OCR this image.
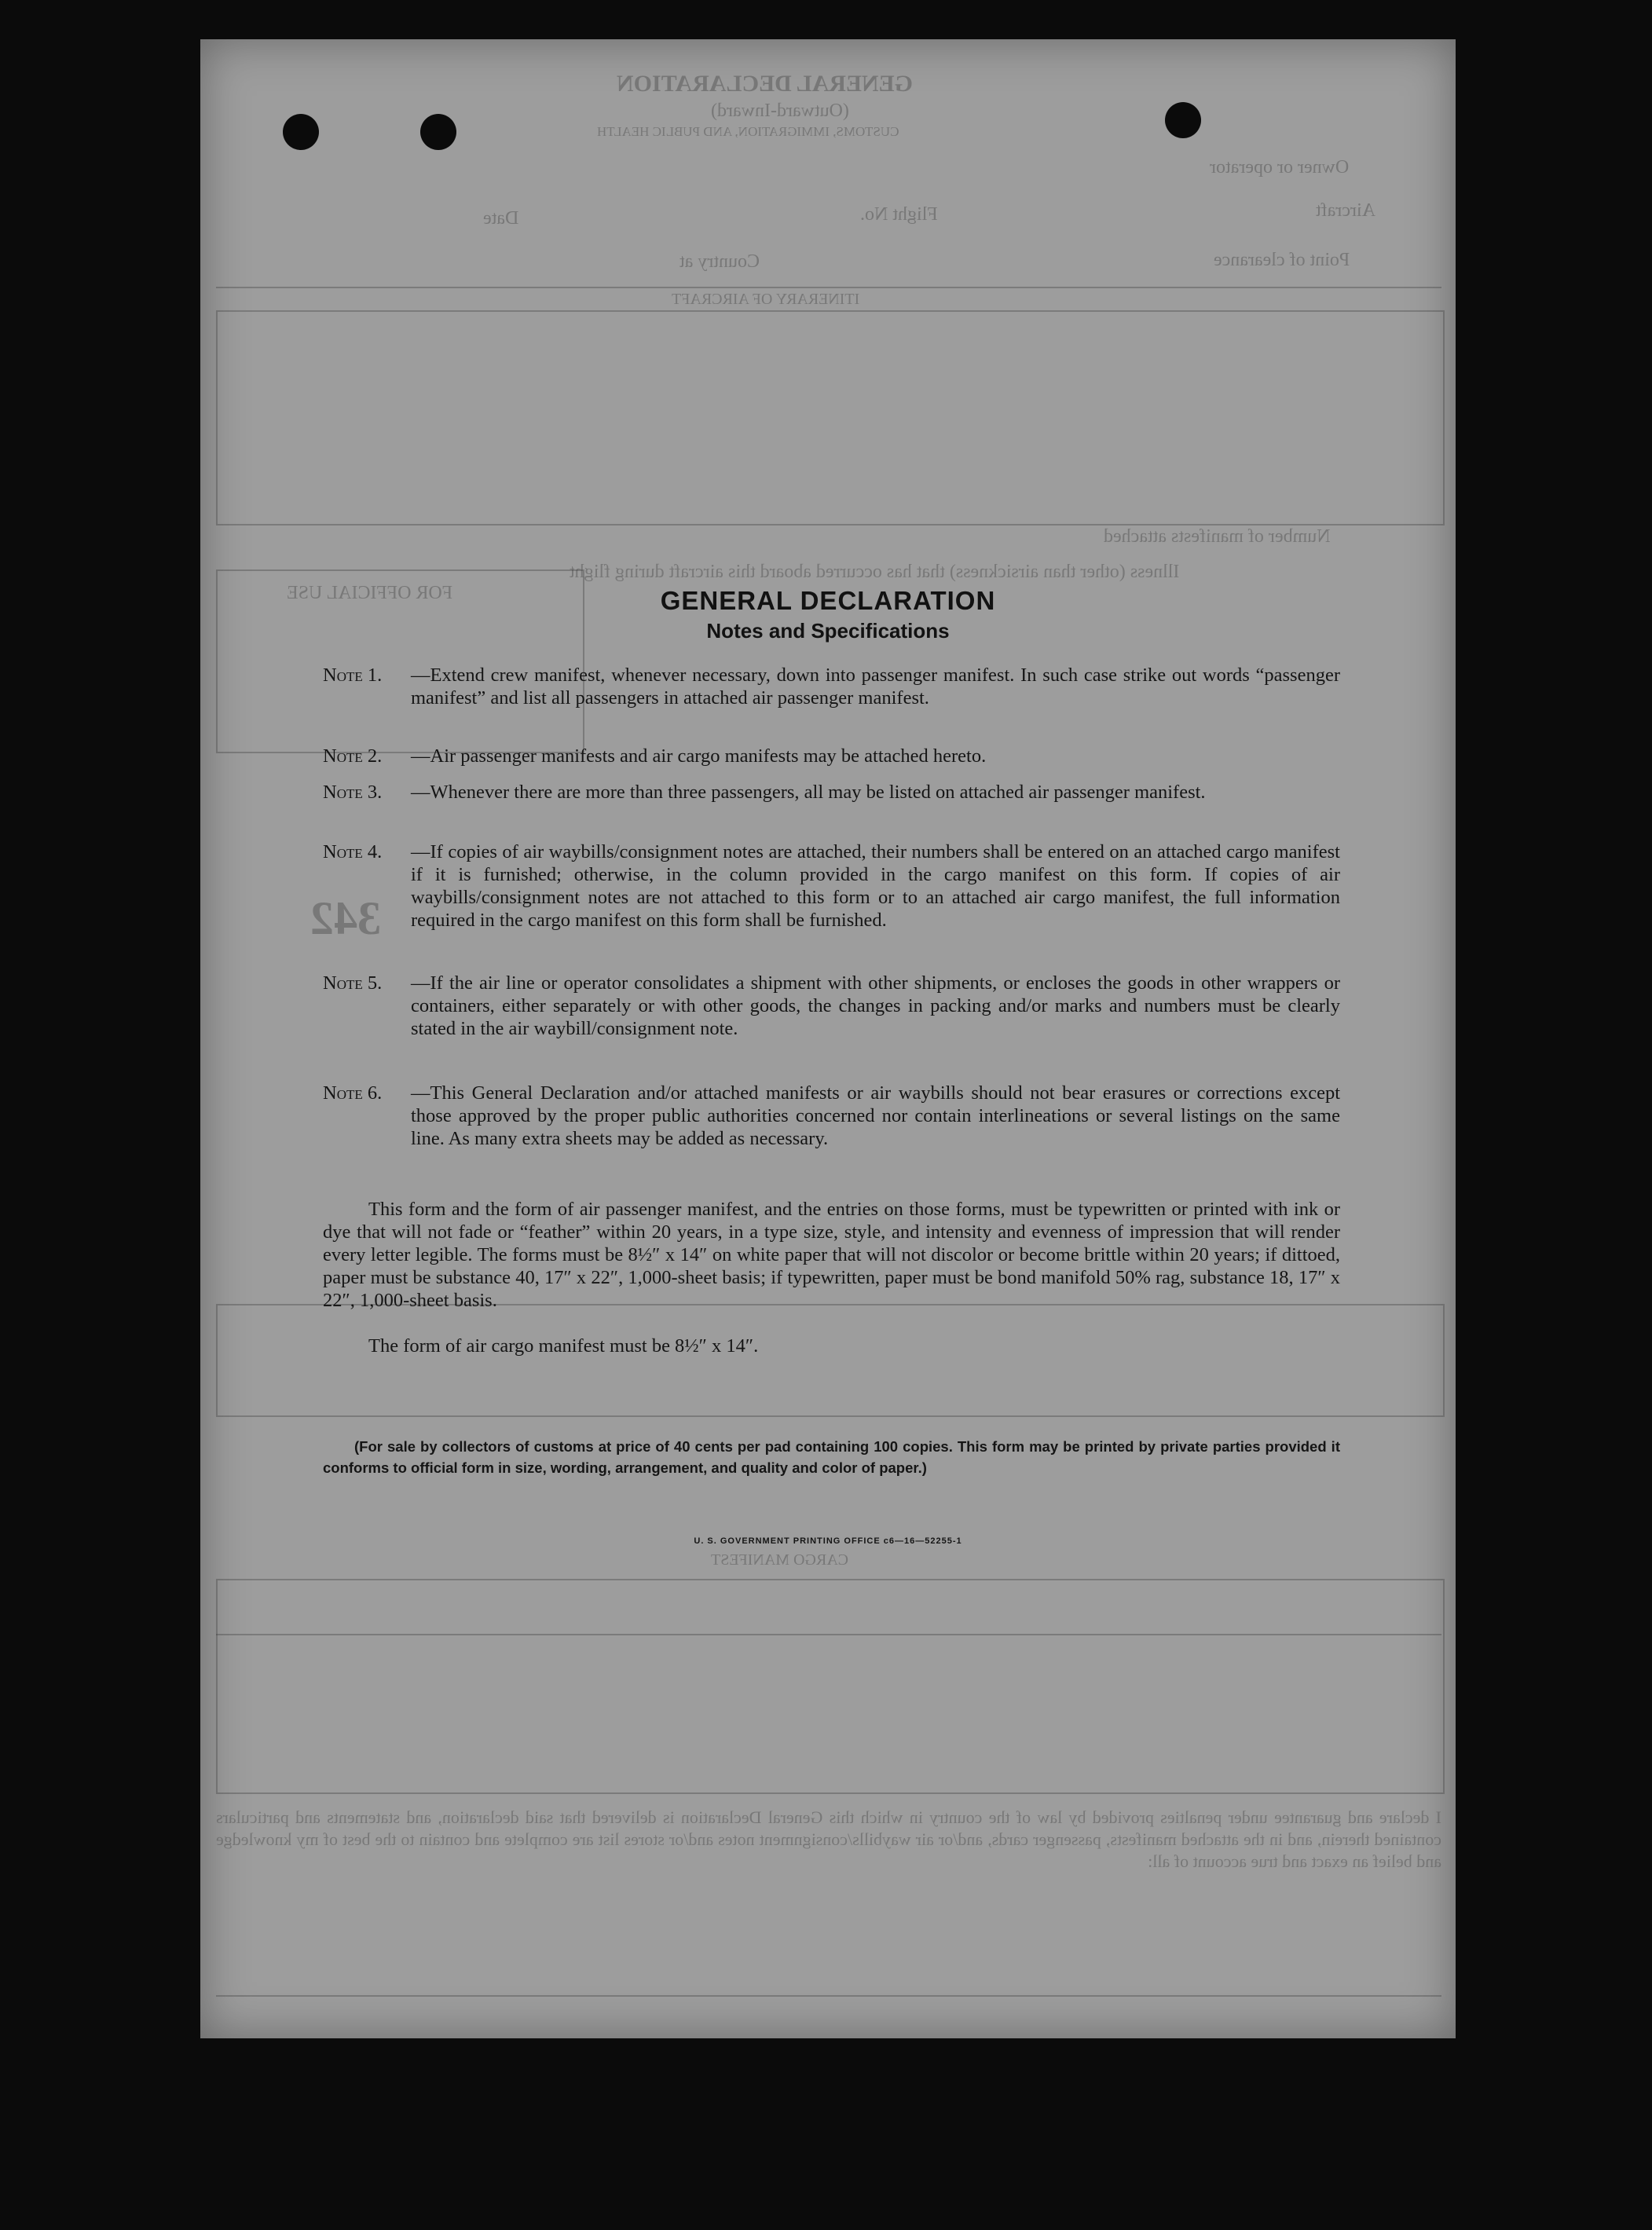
GENERAL DECLARATION
(Outward-Inward)
CUSTOMS, IMMIGRATION, AND PUBLIC HEALTH
Owner or operator
Aircraft
Flight No.
Date
Point of clearance
Country at
ITINERARY OF AIRCRAFT
Number of manifests attached
Illness (other than airsickness) that has occurred aboard this aircraft during flight
FOR OFFICIAL USE
342
CARGO MANIFEST
I declare and guarantee under penalties provided by law of the country in which this General Declaration is delivered that said declaration, and statements and particulars contained therein, and in the attached manifests, passenger cards, and/or air waybills/consignment notes and/or stores list are complete and contain to the best of my knowledge and belief an exact and true account of all:
GENERAL DECLARATION
Notes and Specifications
Note 1.	—Extend crew manifest, whenever necessary, down into passenger manifest. In such case strike out words “passenger manifest” and list all passengers in attached air passenger manifest.
Note 2.	—Air passenger manifests and air cargo manifests may be attached hereto.
Note 3.	—Whenever there are more than three passengers, all may be listed on attached air passenger manifest.
Note 4.	—If copies of air waybills/consignment notes are attached, their numbers shall be entered on an attached cargo manifest if it is furnished; otherwise, in the column provided in the cargo manifest on this form. If copies of air waybills/consignment notes are not attached to this form or to an attached air cargo manifest, the full information required in the cargo manifest on this form shall be furnished.
Note 5.	—If the air line or operator consolidates a shipment with other shipments, or encloses the goods in other wrappers or containers, either separately or with other goods, the changes in packing and/or marks and numbers must be clearly stated in the air waybill/consignment note.
Note 6.	—This General Declaration and/or attached manifests or air waybills should not bear erasures or corrections except those approved by the proper public authorities concerned nor contain interlineations or several listings on the same line. As many extra sheets may be added as necessary.
This form and the form of air passenger manifest, and the entries on those forms, must be typewritten or printed with ink or dye that will not fade or “feather” within 20 years, in a type size, style, and intensity and evenness of impression that will render every letter legible. The forms must be 8½″ x 14″ on white paper that will not discolor or become brittle within 20 years; if dittoed, paper must be substance 40, 17″ x 22″, 1,000-sheet basis; if typewritten, paper must be bond manifold 50% rag, substance 18, 17″ x 22″, 1,000-sheet basis.
The form of air cargo manifest must be 8½″ x 14″.
(For sale by collectors of customs at price of 40 cents per pad containing 100 copies. This form may be printed by private parties provided it conforms to official form in size, wording, arrangement, and quality and color of paper.)
U. S. GOVERNMENT PRINTING OFFICE c6—16—52255-1
